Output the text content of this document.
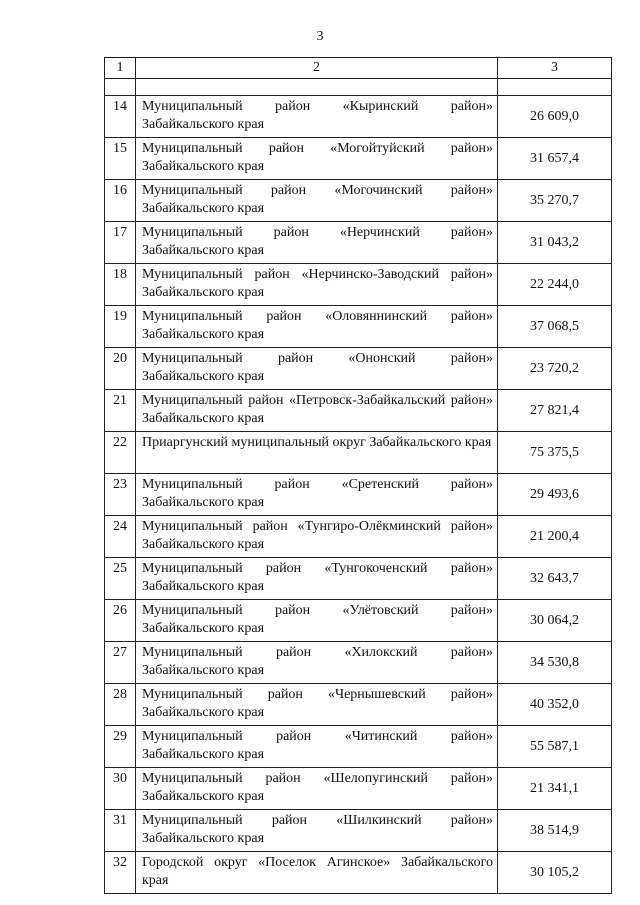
3
1	2	3

14	Муниципальный район «Кыринский район» Забайкальского края	26 609,0
15	Муниципальный район «Могойтуйский район» Забайкальского края	31 657,4
16	Муниципальный район «Могочинский район» Забайкальского края	35 270,7
17	Муниципальный район «Нерчинский район» Забайкальского края	31 043,2
18	Муниципальный район «Нерчинско-Заводский район» Забайкальского края	22 244,0
19	Муниципальный район «Оловяннинский район» Забайкальского края	37 068,5
20	Муниципальный район «Ононский район» Забайкальского края	23 720,2
21	Муниципальный район «Петровск-Забайкальский район» Забайкальского края	27 821,4
22	Приаргунский муниципальный округ Забайкальского края	75 375,5
23	Муниципальный район «Сретенский район» Забайкальского края	29 493,6
24	Муниципальный район «Тунгиро-Олёкминский район» Забайкальского края	21 200,4
25	Муниципальный район «Тунгокоченский район» Забайкальского края	32 643,7
26	Муниципальный район «Улётовский район» Забайкальского края	30 064,2
27	Муниципальный район «Хилокский район» Забайкальского края	34 530,8
28	Муниципальный район «Чернышевский район» Забайкальского края	40 352,0
29	Муниципальный район «Читинский район» Забайкальского края	55 587,1
30	Муниципальный район «Шелопугинский район» Забайкальского края	21 341,1
31	Муниципальный район «Шилкинский район» Забайкальского края	38 514,9
32	Городской округ «Поселок Агинское» Забайкальского края	30 105,2
